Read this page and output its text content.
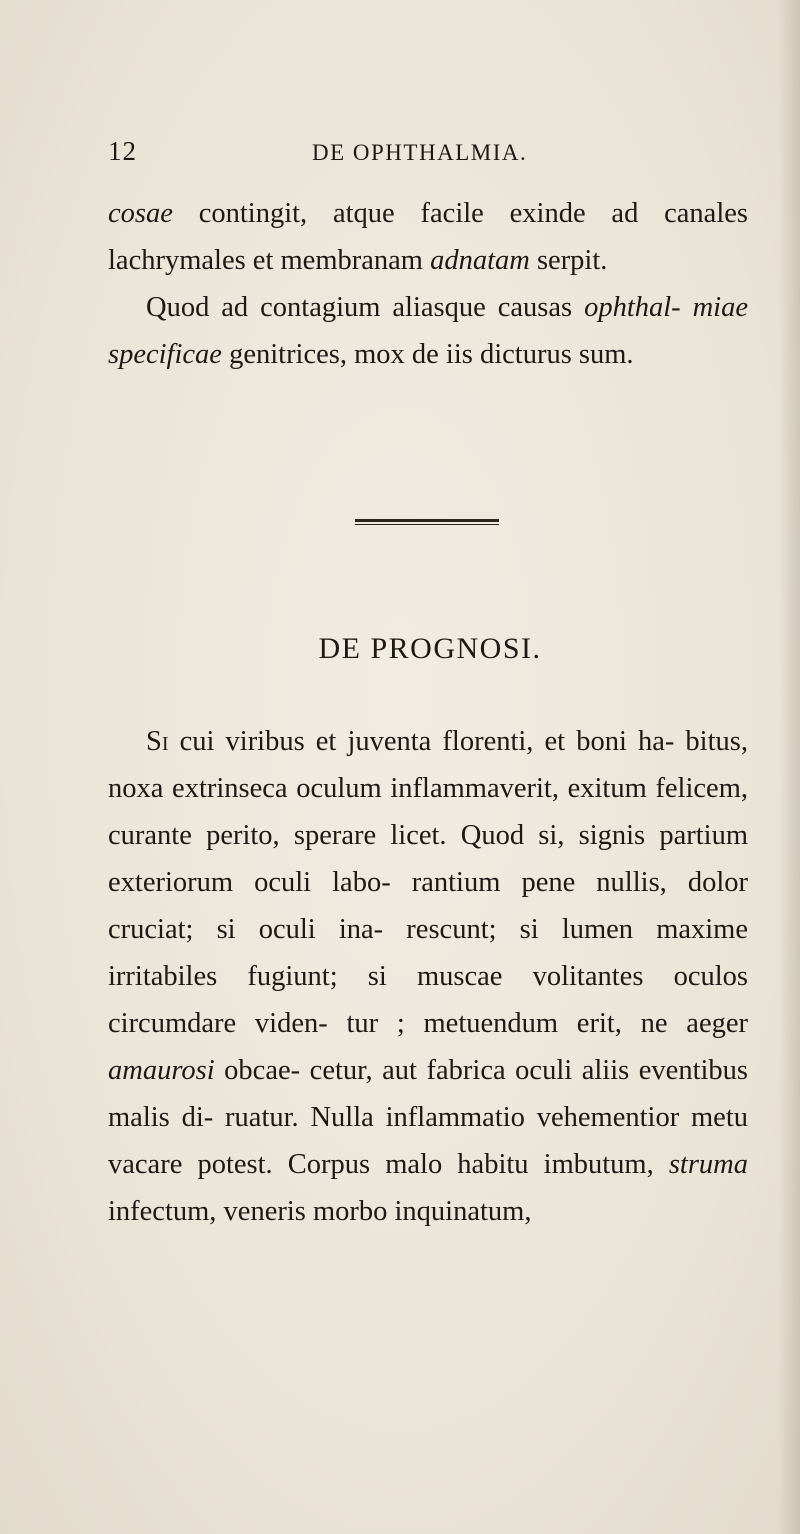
12	DE OPHTHALMIA.

cosae contingit, atque facile exinde ad canales lachrymales et membranam adnatam serpit.

Quod ad contagium aliasque causas ophthal- miae specificae genitrices, mox de iis dicturus sum.

DE PROGNOSI.

Si cui viribus et juventa florenti, et boni ha- bitus, noxa extrinseca oculum inflammaverit, exitum felicem, curante perito, sperare licet. Quod si, signis partium exteriorum oculi labo- rantium pene nullis, dolor cruciat; si oculi ina- rescunt; si lumen maxime irritabiles fugiunt; si muscae volitantes oculos circumdare viden- tur ; metuendum erit, ne aeger amaurosi obcae- cetur, aut fabrica oculi aliis eventibus malis di- ruatur. Nulla inflammatio vehementior metu vacare potest. Corpus malo habitu imbutum, struma infectum, veneris morbo inquinatum,
